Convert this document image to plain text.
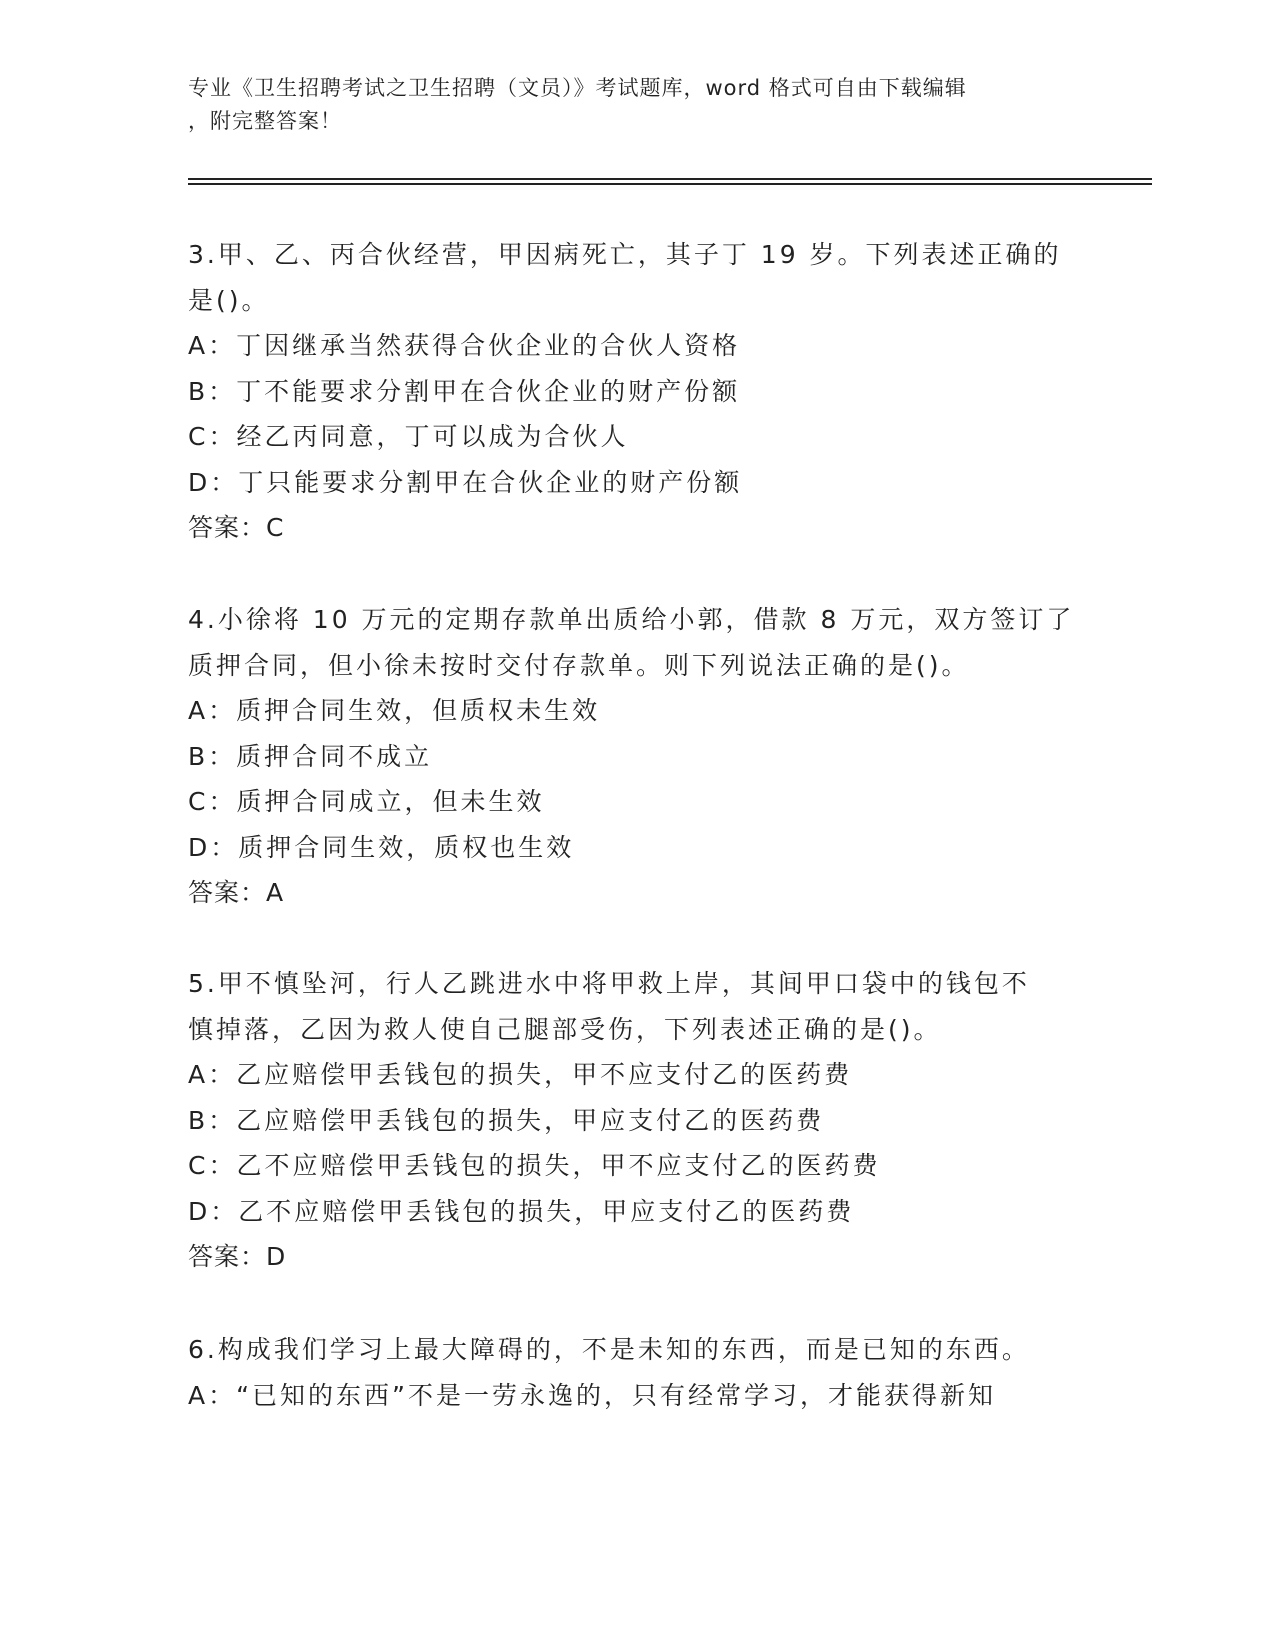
专业《卫生招聘考试之卫生招聘（文员）》考试题库，word 格式可自由下载编辑
，附完整答案！

3.甲、乙、丙合伙经营，甲因病死亡，其子丁 19 岁。下列表述正确的

是()。

A：丁因继承当然获得合伙企业的合伙人资格

B：丁不能要求分割甲在合伙企业的财产份额

C：经乙丙同意，丁可以成为合伙人

D：丁只能要求分割甲在合伙企业的财产份额

答案：C

4.小徐将 10 万元的定期存款单出质给小郭，借款 8 万元，双方签订了

质押合同，但小徐未按时交付存款单。则下列说法正确的是()。

A：质押合同生效，但质权未生效

B：质押合同不成立

C：质押合同成立，但未生效

D：质押合同生效，质权也生效

答案：A

5.甲不慎坠河，行人乙跳进水中将甲救上岸，其间甲口袋中的钱包不

慎掉落，乙因为救人使自己腿部受伤，下列表述正确的是()。

A：乙应赔偿甲丢钱包的损失，甲不应支付乙的医药费

B：乙应赔偿甲丢钱包的损失，甲应支付乙的医药费

C：乙不应赔偿甲丢钱包的损失，甲不应支付乙的医药费

D：乙不应赔偿甲丢钱包的损失，甲应支付乙的医药费

答案：D

6.构成我们学习上最大障碍的，不是未知的东西，而是已知的东西。

A：“已知的东西”不是一劳永逸的，只有经常学习，才能获得新知
